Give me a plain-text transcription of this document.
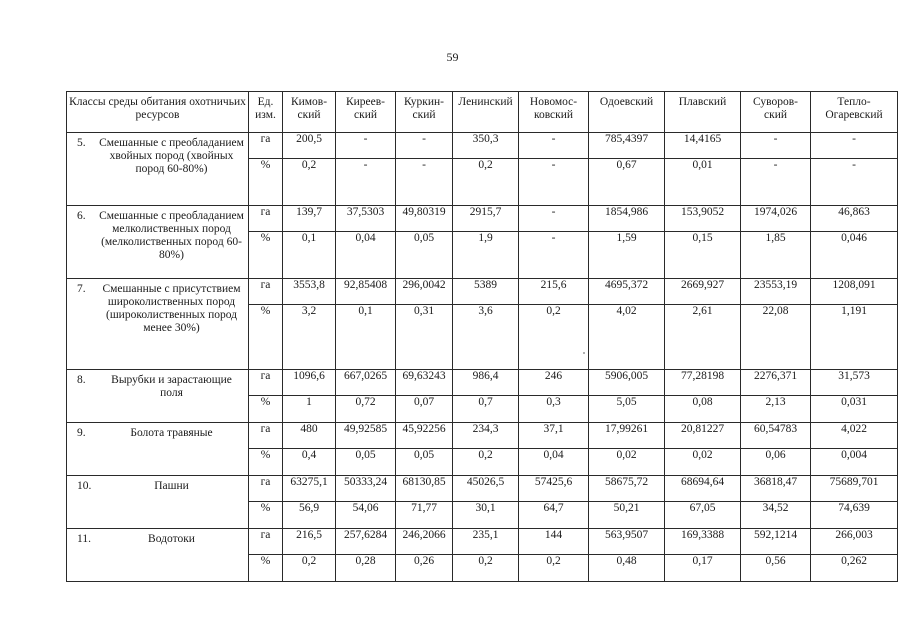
59
Классы среды обитания охотничьих ресурсов	Ед. изм.	Кимов-ский	Киреев-ский	Куркин-ский	Ленинский	Новомос-ковский	Одоевский	Плавский	Суворов-ский	Тепло-Огаревский

5. Смешанные с преобладанием хвойных пород (хвойных пород 60-80%)	га	200,5	-	-	350,3	-	785,4397	14,4165	-	-
	%	0,2	-	-	0,2	-	0,67	0,01	-	-

6. Смешанные с преобладанием мелколиственных пород (мелколиственных пород 60-80%)	га	139,7	37,5303	49,80319	2915,7	-	1854,986	153,9052	1974,026	46,863
	%	0,1	0,04	0,05	1,9	-	1,59	0,15	1,85	0,046

7. Смешанные с присутствием широколиственных пород (широколиственных пород менее 30%)	га	3553,8	92,85408	296,0042	5389	215,6	4695,372	2669,927	23553,19	1208,091
	%	3,2	0,1	0,31	3,6	0,2	4,02	2,61	22,08	1,191

8. Вырубки и зарастающие поля	га	1096,6	667,0265	69,63243	986,4	246	5906,005	77,28198	2276,371	31,573
	%	1	0,72	0,07	0,7	0,3	5,05	0,08	2,13	0,031

9. Болота травяные	га	480	49,92585	45,92256	234,3	37,1	17,99261	20,81227	60,54783	4,022
	%	0,4	0,05	0,05	0,2	0,04	0,02	0,02	0,06	0,004

10. Пашни	га	63275,1	50333,24	68130,85	45026,5	57425,6	58675,72	68694,64	36818,47	75689,701
	%	56,9	54,06	71,77	30,1	64,7	50,21	67,05	34,52	74,639

11. Водотоки	га	216,5	257,6284	246,2066	235,1	144	563,9507	169,3388	592,1214	266,003
	%	0,2	0,28	0,26	0,2	0,2	0,48	0,17	0,56	0,262
